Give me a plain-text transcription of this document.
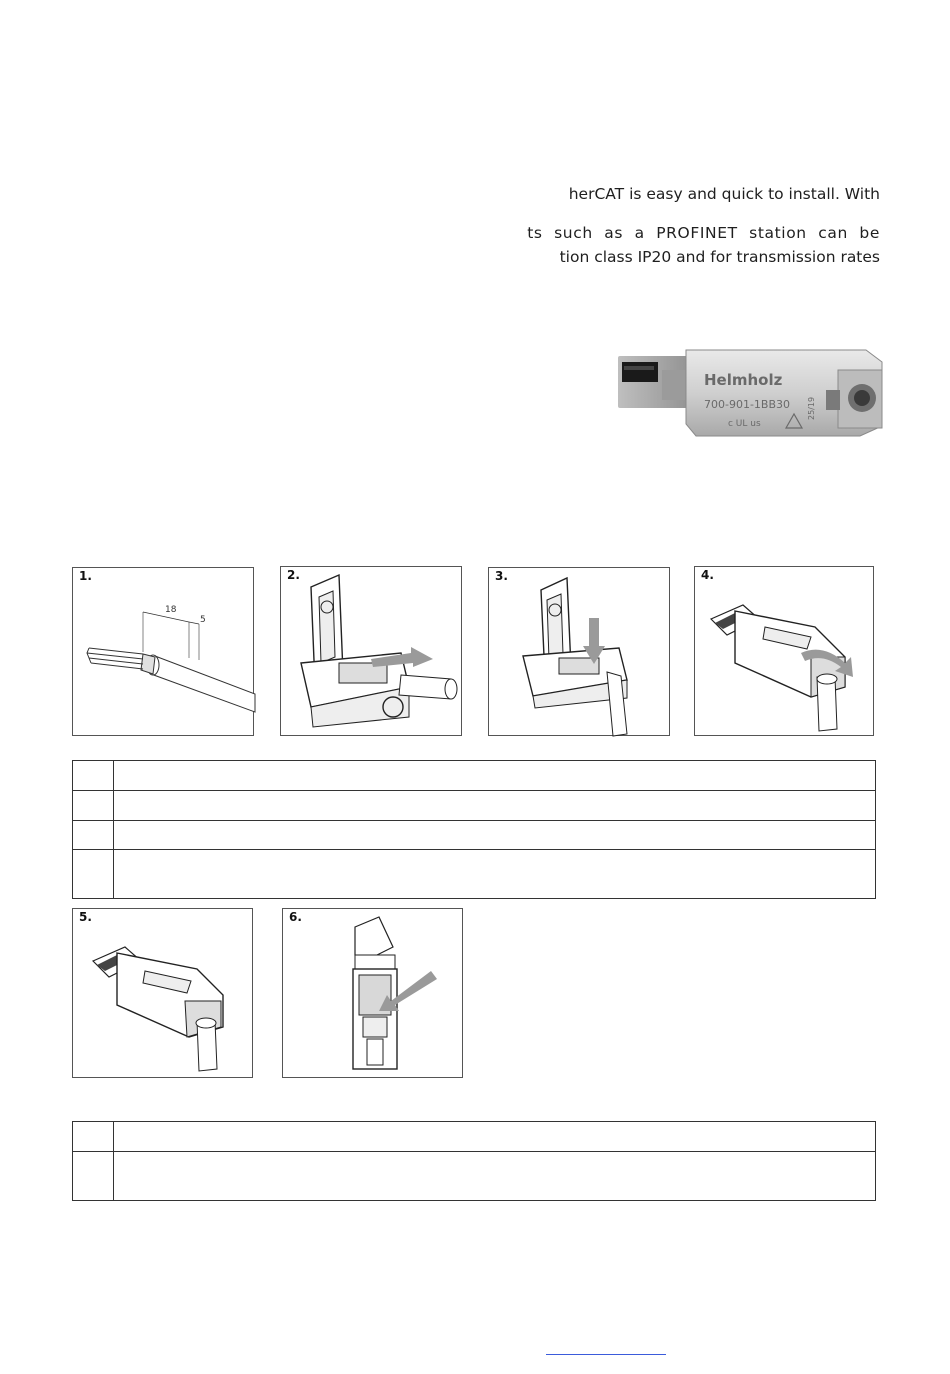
herCAT is easy and quick to install. With
ts such as a PROFINET station can be
tion class IP20 and for transmission rates
Helmholz
700-901-1BB30
c UL us
25/19
1.
18
5
2.	3.	4.

5.	6.
